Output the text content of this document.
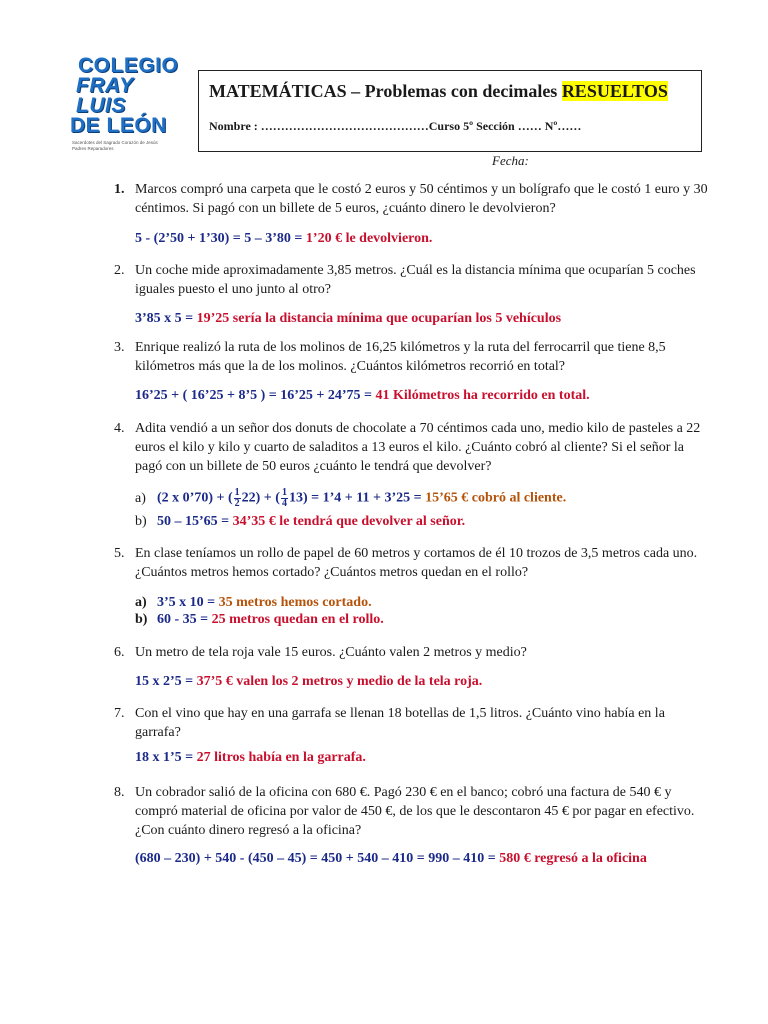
COLEGIO
FRAY LUIS
DE LEÓN
Sacerdotes del Sagrado Corazón de Jesús Padres Reparadores
MATEMÁTICAS – Problemas con decimales RESUELTOS
Nombre : ……………………………………Curso 5º Sección …… Nº……
Fecha:
1. Marcos compró una carpeta que le costó 2 euros y 50 céntimos y un bolígrafo que le costó 1 euro y 30 céntimos. Si pagó con un billete de 5 euros, ¿cuánto dinero le devolvieron?
5 - (2’50 + 1’30) = 5 – 3’80 = 1’20 € le devolvieron.
2. Un coche mide aproximadamente 3,85 metros. ¿Cuál es la distancia mínima que ocuparían 5 coches iguales puesto el uno junto al otro?
3’85 x 5 = 19’25 sería la distancia mínima que ocuparían los 5 vehículos
3. Enrique realizó la ruta de los molinos de 16,25 kilómetros y la ruta del ferrocarril que tiene 8,5 kilómetros más que la de los molinos. ¿Cuántos kilómetros recorrió en total?
16’25 + ( 16’25 + 8’5 ) = 16’25 + 24’75 = 41 Kilómetros ha recorrido en total.
4. Adita vendió a un señor dos donuts de chocolate a 70 céntimos cada uno, medio kilo de pasteles a 22 euros el kilo y kilo y cuarto de saladitos a 13 euros el kilo. ¿Cuánto cobró al cliente? Si el señor la pagó con un billete de 50 euros ¿cuánto le tendrá que devolver?
a) (2 x 0’70) + ( $\frac{1}{2} 22$) + ( $\frac{1}{4} 13$) = 1’4 + 11 + 3’25 = 15’65 € cobró al cliente.
b) 50 – 15’65 = 34’35 € le tendrá que devolver al señor.
5. En clase teníamos un rollo de papel de 60 metros y cortamos de él 10 trozos de 3,5 metros cada uno. ¿Cuántos metros hemos cortado? ¿Cuántos metros quedan en el rollo?
a) 3’5 x 10 = 35 metros hemos cortado.
b) 60 - 35 = 25 metros quedan en el rollo.
6. Un metro de tela roja vale 15 euros. ¿Cuánto valen 2 metros y medio?
15 x 2’5 = 37’5 € valen los 2 metros y medio de la tela roja.
7. Con el vino que hay en una garrafa se llenan 18 botellas de 1,5 litros. ¿Cuánto vino había en la garrafa?
18 x 1’5 = 27 litros había en la garrafa.
8. Un cobrador salió de la oficina con 680 €. Pagó 230 € en el banco; cobró una factura de 540 € y compró material de oficina por valor de 450 €, de los que le descontaron 45 € por pagar en efectivo. ¿Con cuánto dinero regresó a la oficina?
(680 – 230) + 540 - (450 – 45) = 450 + 540 – 410 = 990 – 410 = 580 € regresó a la oficina
